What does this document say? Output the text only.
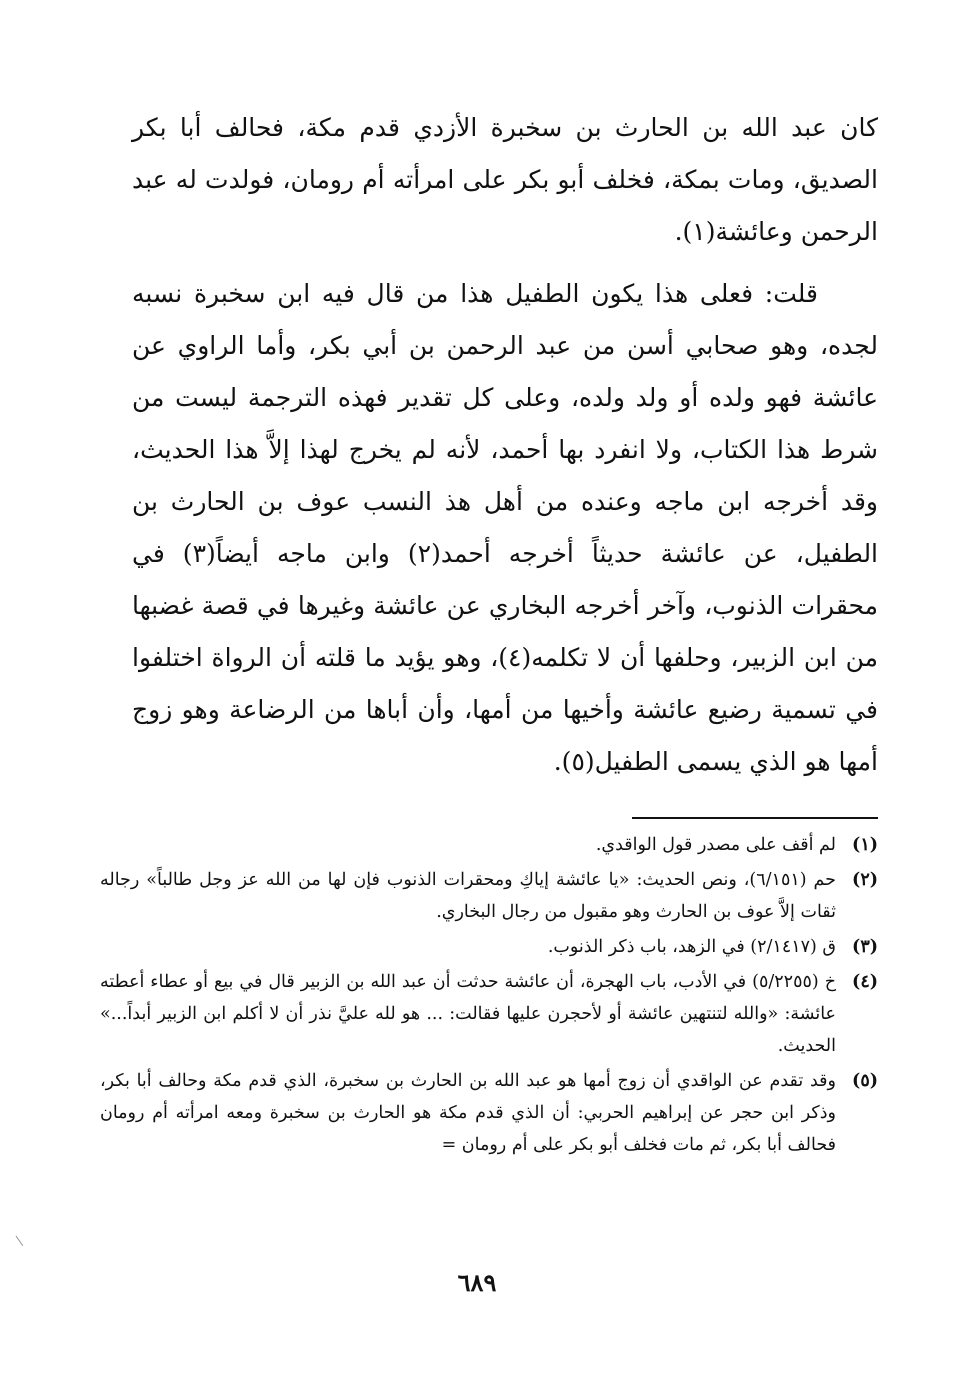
كان عبد الله بن الحارث بن سخبرة الأزدي قدم مكة، فحالف أبا بكر الصديق، ومات بمكة، فخلف أبو بكر على امرأته أم رومان، فولدت له عبد الرحمن وعائشة(١).
قلت: فعلى هذا يكون الطفيل هذا من قال فيه ابن سخبرة نسبه لجده، وهو صحابي أسن من عبد الرحمن بن أبي بكر، وأما الراوي عن عائشة فهو ولده أو ولد ولده، وعلى كل تقدير فهذه الترجمة ليست من شرط هذا الكتاب، ولا انفرد بها أحمد، لأنه لم يخرج لهذا إلاَّ هذا الحديث، وقد أخرجه ابن ماجه وعنده من أهل هذ النسب عوف بن الحارث بن الطفيل، عن عائشة حديثاً أخرجه أحمد(٢) وابن ماجه أيضاً(٣) في محقرات الذنوب، وآخر أخرجه البخاري عن عائشة وغيرها في قصة غضبها من ابن الزبير، وحلفها أن لا تكلمه(٤)، وهو يؤيد ما قلته أن الرواة اختلفوا في تسمية رضيع عائشة وأخيها من أمها، وأن أباها من الرضاعة وهو زوج أمها هو الذي يسمى الطفيل(٥).
(١)
لم أقف على مصدر قول الواقدي.
(٢)
حم (٦/١٥١)، ونص الحديث: «يا عائشة إياكِ ومحقرات الذنوب فإن لها من الله عز وجل طالباً» رجاله ثقات إلاَّ عوف بن الحارث وهو مقبول من رجال البخاري.
(٣)
ق (٢/١٤١٧) في الزهد، باب ذكر الذنوب.
(٤)
خ (٥/٢٢٥٥) في الأدب، باب الهجرة، أن عائشة حدثت أن عبد الله بن الزبير قال في بيع أو عطاء أعطته عائشة: «والله لتنتهين عائشة أو لأحجرن عليها فقالت: ... هو لله عليَّ نذر أن لا أكلم ابن الزبير أبداً...» الحديث.
(٥)
وقد تقدم عن الواقدي أن زوج أمها هو عبد الله بن الحارث بن سخبرة، الذي قدم مكة وحالف أبا بكر، وذكر ابن حجر عن إبراهيم الحربي: أن الذي قدم مكة هو الحارث بن سخبرة ومعه امرأته أم رومان فحالف أبا بكر، ثم مات فخلف أبو بكر على أم رومان =
٦٨٩
